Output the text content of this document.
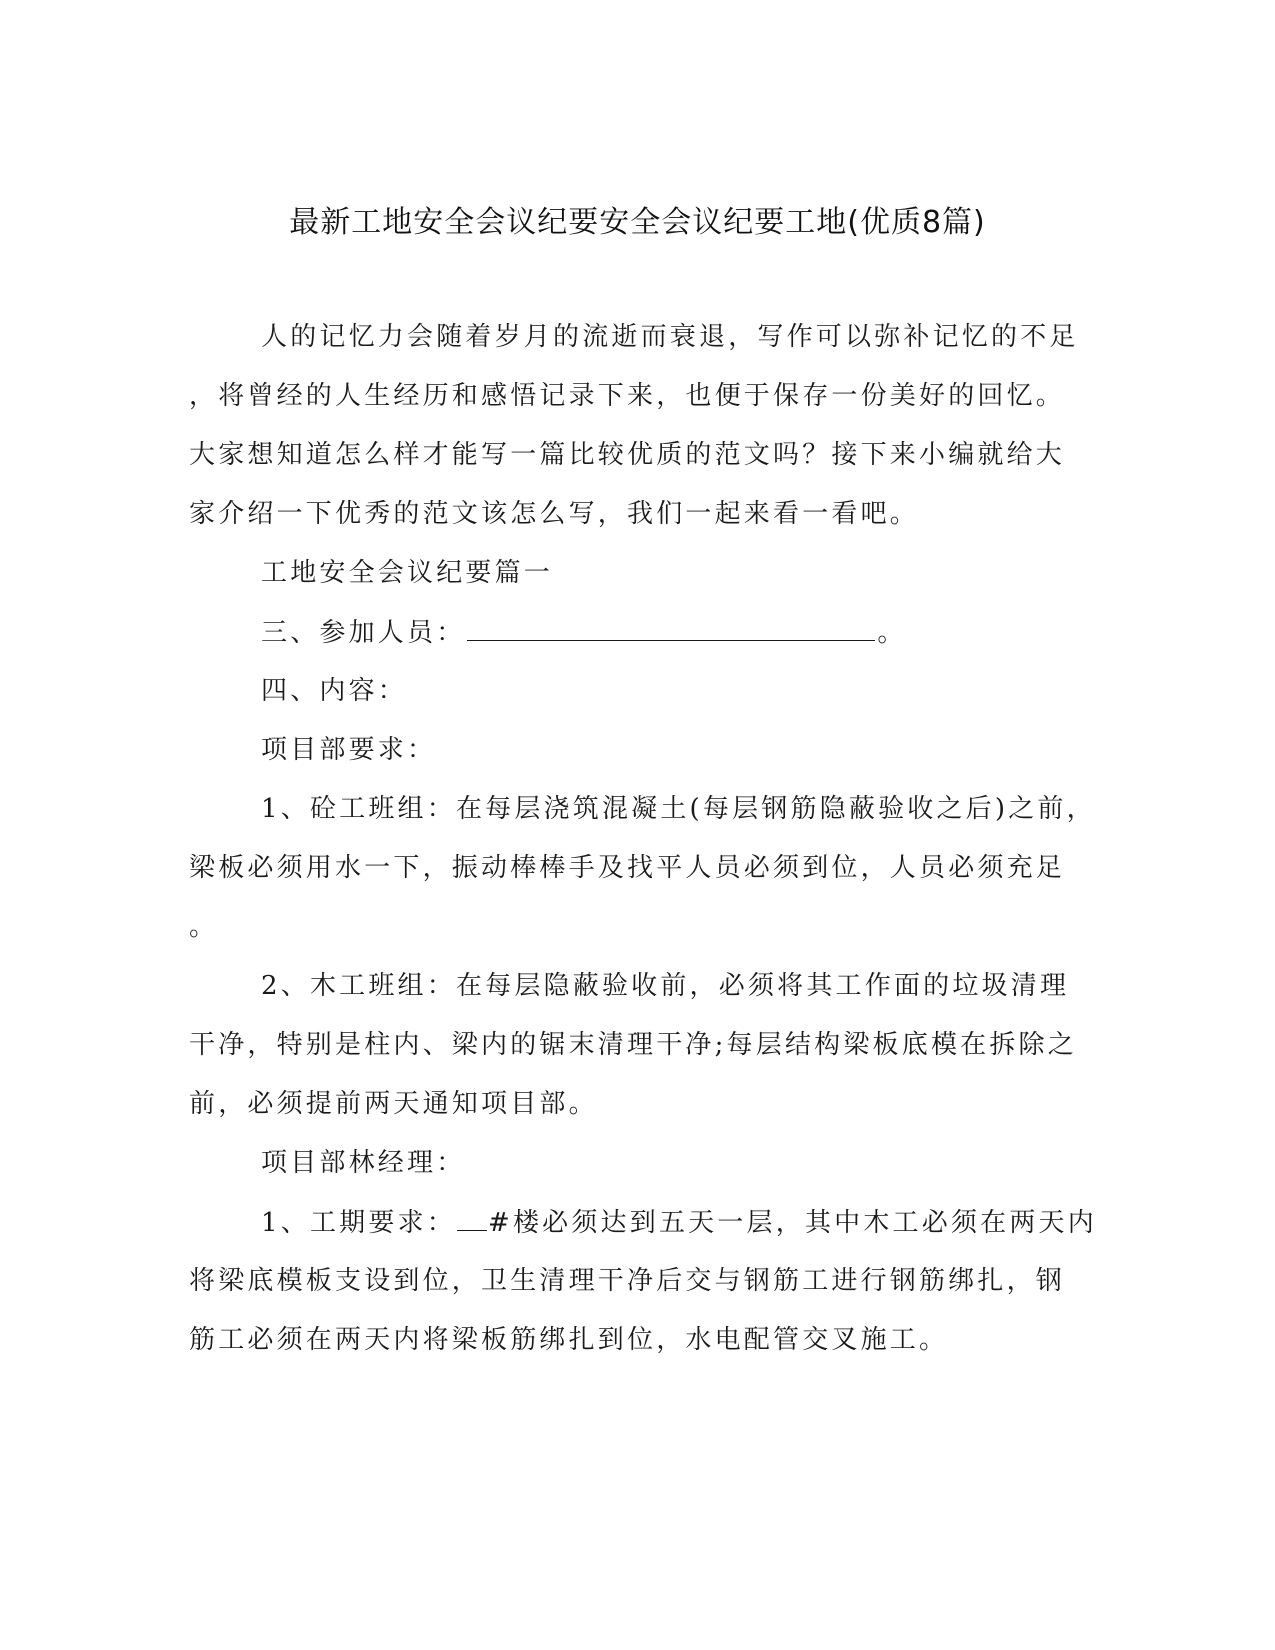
最新工地安全会议纪要安全会议纪要工地(优质8篇)
人的记忆力会随着岁月的流逝而衰退，写作可以弥补记忆的不足
，将曾经的人生经历和感悟记录下来，也便于保存一份美好的回忆。
大家想知道怎么样才能写一篇比较优质的范文吗？接下来小编就给大
家介绍一下优秀的范文该怎么写，我们一起来看一看吧。
工地安全会议纪要篇一
三、参加人员：	。
四、内容：
项目部要求：
1、砼工班组：在每层浇筑混凝土(每层钢筋隐蔽验收之后)之前，
梁板必须用水一下，振动棒棒手及找平人员必须到位，人员必须充足
。
2、木工班组：在每层隐蔽验收前，必须将其工作面的垃圾清理
干净，特别是柱内、梁内的锯末清理干净;每层结构梁板底模在拆除之
前，必须提前两天通知项目部。
项目部林经理：
1、工期要求： #楼必须达到五天一层，其中木工必须在两天内
将梁底模板支设到位，卫生清理干净后交与钢筋工进行钢筋绑扎，钢
筋工必须在两天内将梁板筋绑扎到位，水电配管交叉施工。
